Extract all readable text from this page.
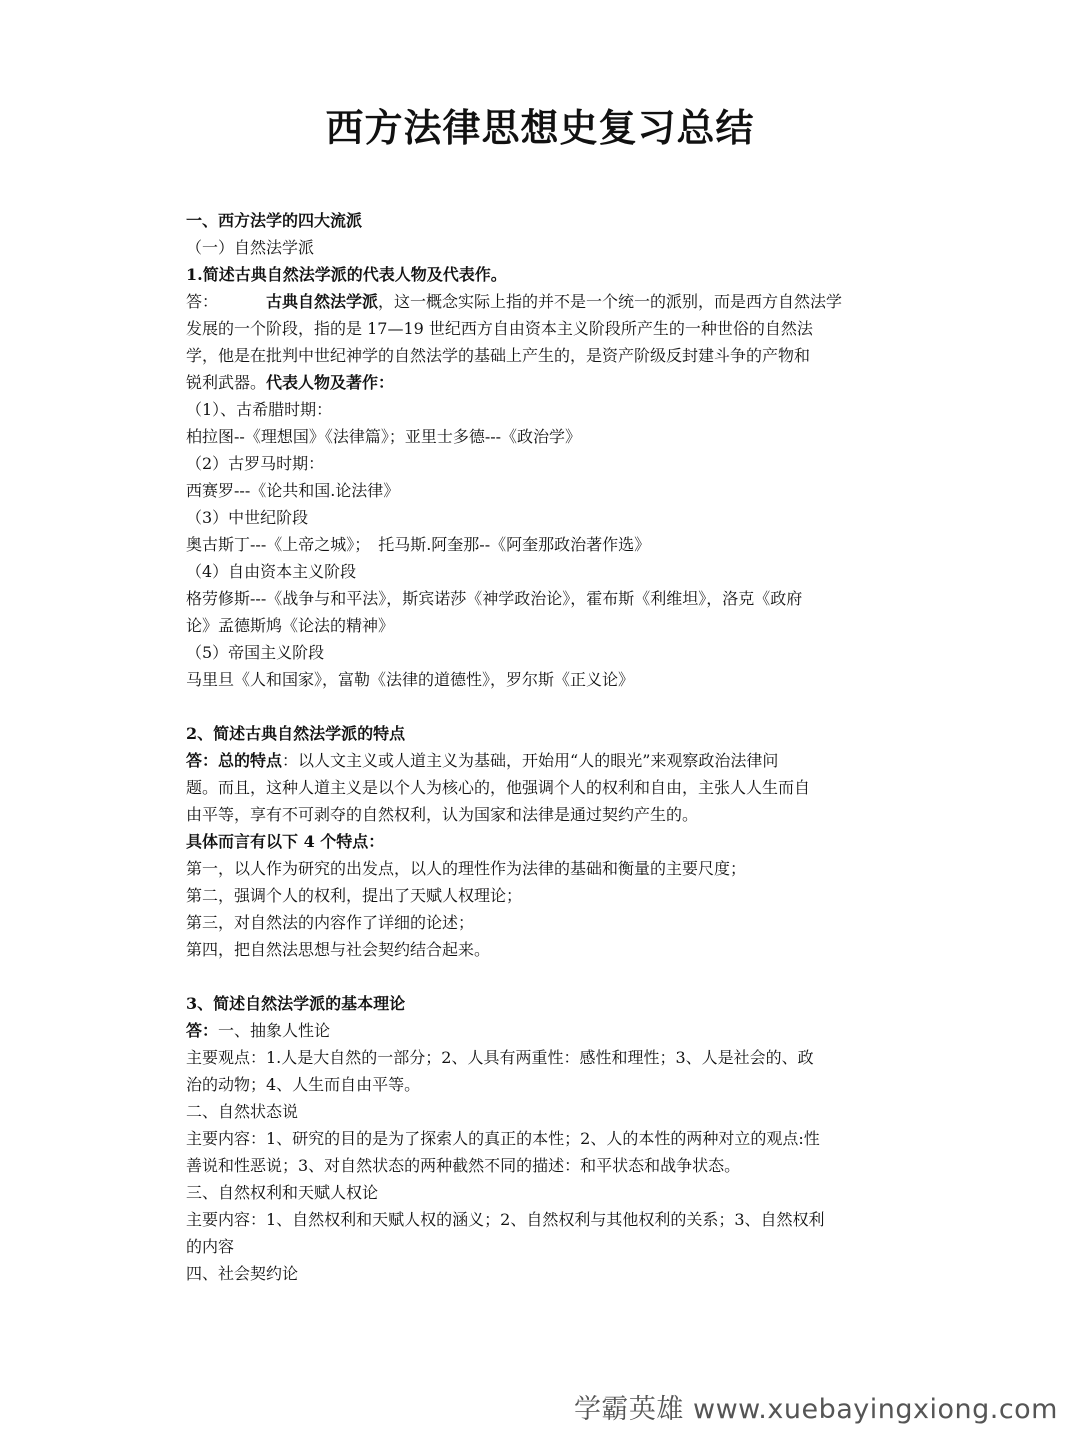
西方法律思想史复习总结
一、西方法学的四大流派
（一）自然法学派
1.简述古典自然法学派的代表人物及代表作。
答：	古典自然法学派，这一概念实际上指的并不是一个统一的派别，而是西方自然法学
发展的一个阶段，指的是 17—19 世纪西方自由资本主义阶段所产生的一种世俗的自然法
学，他是在批判中世纪神学的自然法学的基础上产生的，是资产阶级反封建斗争的产物和
锐利武器。代表人物及著作：
（1）、古希腊时期：
柏拉图--《理想国》《法律篇》；亚里士多德---《政治学》
（2）古罗马时期：
西赛罗---《论共和国.论法律》
（3）中世纪阶段
奥古斯丁---《上帝之城》；　托马斯.阿奎那--《阿奎那政治著作选》
（4）自由资本主义阶段
格劳修斯---《战争与和平法》，斯宾诺莎《神学政治论》，霍布斯《利维坦》，洛克《政府
论》孟德斯鸠《论法的精神》
（5）帝国主义阶段
马里旦《人和国家》，富勒《法律的道德性》，罗尔斯《正义论》
2、简述古典自然法学派的特点
答：总的特点：以人文主义或人道主义为基础，开始用“人的眼光”来观察政治法律问
题。而且，这种人道主义是以个人为核心的，他强调个人的权利和自由，主张人人生而自
由平等，享有不可剥夺的自然权利，认为国家和法律是通过契约产生的。
具体而言有以下 4 个特点：
第一，以人作为研究的出发点，以人的理性作为法律的基础和衡量的主要尺度；
第二，强调个人的权利，提出了天赋人权理论；
第三，对自然法的内容作了详细的论述；
第四，把自然法思想与社会契约结合起来。
3、简述自然法学派的基本理论
答：一、抽象人性论
主要观点：1.人是大自然的一部分；2、人具有两重性：感性和理性；3、人是社会的、政
治的动物；4、人生而自由平等。
二、自然状态说
主要内容：1、研究的目的是为了探索人的真正的本性；2、人的本性的两种对立的观点:性
善说和性恶说；3、对自然状态的两种截然不同的描述：和平状态和战争状态。
三、自然权利和天赋人权论
主要内容：1、自然权利和天赋人权的涵义；2、自然权利与其他权利的关系；3、自然权利
的内容
四、社会契约论
学霸英雄 www.xuebayingxiong.com
